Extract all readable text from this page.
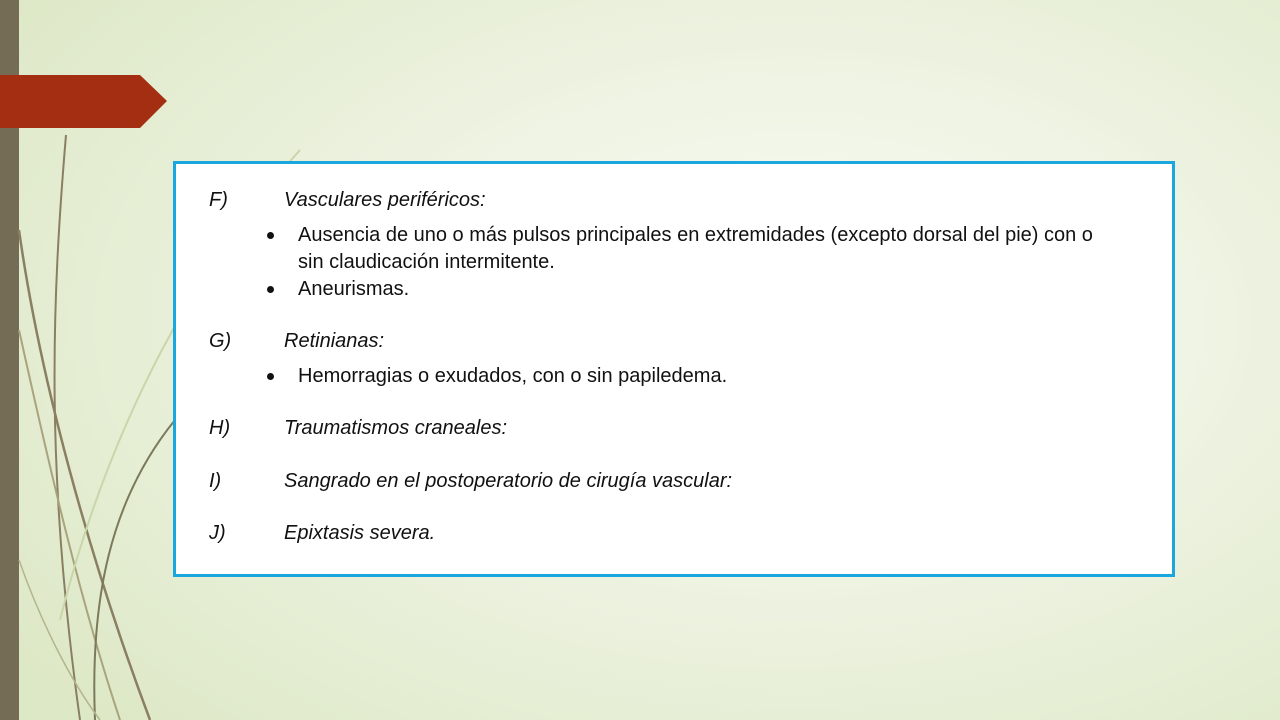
F)	Vasculares periféricos:
Ausencia de uno o más pulsos principales en extremidades (excepto dorsal del pie) con o sin claudicación intermitente.
Aneurismas.
G)	Retinianas:
Hemorragias o exudados, con o sin papiledema.
H)	Traumatismos craneales:
I)	Sangrado en el postoperatorio de cirugía vascular:
J)	Epixtasis severa.
